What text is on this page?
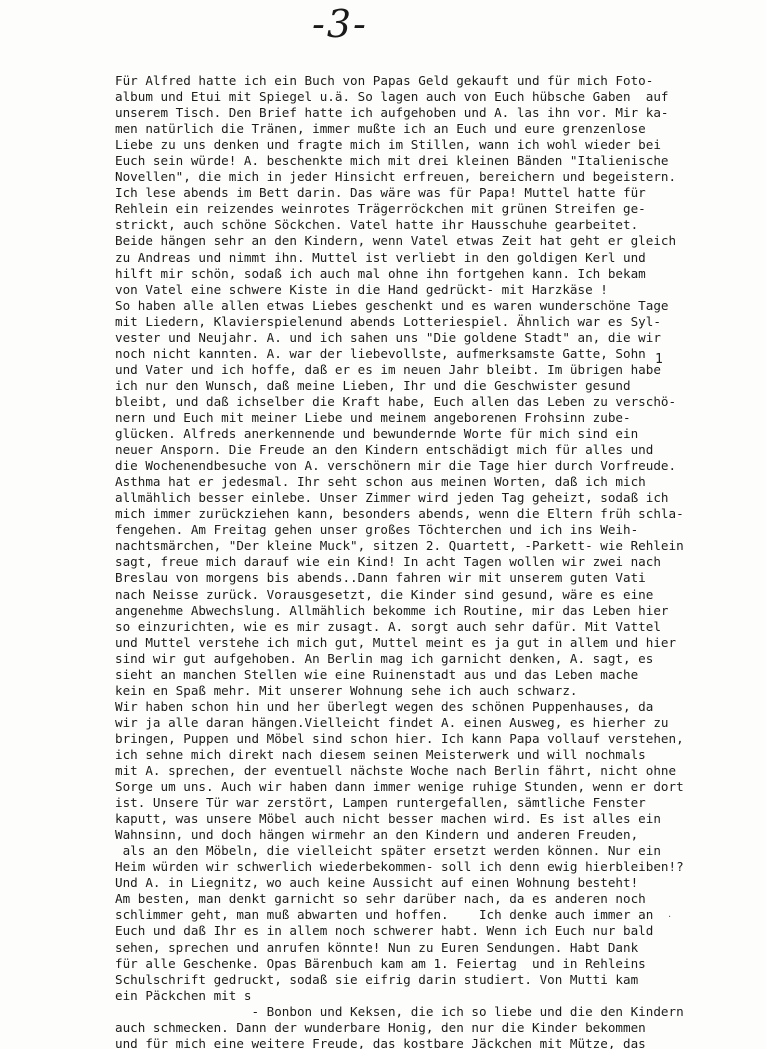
-3-
Für Alfred hatte ich ein Buch von Papas Geld gekauft und für mich Foto-
album und Etui mit Spiegel u.ä. So lagen auch von Euch hübsche Gaben  auf
unserem Tisch. Den Brief hatte ich aufgehoben und A. las ihn vor. Mir ka-
men natürlich die Tränen, immer mußte ich an Euch und eure grenzenlose
Liebe zu uns denken und fragte mich im Stillen, wann ich wohl wieder bei
Euch sein würde! A. beschenkte mich mit drei kleinen Bänden "Italienische
Novellen", die mich in jeder Hinsicht erfreuen, bereichern und begeistern.
Ich lese abends im Bett darin. Das wäre was für Papa! Muttel hatte für
Rehlein ein reizendes weinrotes Trägerröckchen mit grünen Streifen ge-
strickt, auch schöne Söckchen. Vatel hatte ihr Hausschuhe gearbeitet.
Beide hängen sehr an den Kindern, wenn Vatel etwas Zeit hat geht er gleich
zu Andreas und nimmt ihn. Muttel ist verliebt in den goldigen Kerl und
hilft mir schön, sodaß ich auch mal ohne ihn fortgehen kann. Ich bekam
von Vatel eine schwere Kiste in die Hand gedrückt- mit Harzkäse !
So haben alle allen etwas Liebes geschenkt und es waren wunderschöne Tage
mit Liedern, Klavierspielenund abends Lotteriespiel. Ähnlich war es Syl-
vester und Neujahr. A. und ich sahen uns "Die goldene Stadt" an, die wir
noch nicht kannten. A. war der liebevollste, aufmerksamste Gatte, Sohn
und Vater und ich hoffe, daß er es im neuen Jahr bleibt. Im übrigen habe
ich nur den Wunsch, daß meine Lieben, Ihr und die Geschwister gesund
bleibt, und daß ichselber die Kraft habe, Euch allen das Leben zu verschö-
nern und Euch mit meiner Liebe und meinem angeborenen Frohsinn zube-
glücken. Alfreds anerkennende und bewundernde Worte für mich sind ein
neuer Ansporn. Die Freude an den Kindern entschädigt mich für alles und
die Wochenendbesuche von A. verschönern mir die Tage hier durch Vorfreude.
Asthma hat er jedesmal. Ihr seht schon aus meinen Worten, daß ich mich
allmählich besser einlebe. Unser Zimmer wird jeden Tag geheizt, sodaß ich
mich immer zurückziehen kann, besonders abends, wenn die Eltern früh schla-
fengehen. Am Freitag gehen unser großes Töchterchen und ich ins Weih-
nachtsmärchen, "Der kleine Muck", sitzen 2. Quartett, -Parkett- wie Rehlein
sagt, freue mich darauf wie ein Kind! In acht Tagen wollen wir zwei nach
Breslau von morgens bis abends..Dann fahren wir mit unserem guten Vati
nach Neisse zurück. Vorausgesetzt, die Kinder sind gesund, wäre es eine
angenehme Abwechslung. Allmählich bekomme ich Routine, mir das Leben hier
so einzurichten, wie es mir zusagt. A. sorgt auch sehr dafür. Mit Vattel
und Muttel verstehe ich mich gut, Muttel meint es ja gut in allem und hier
sind wir gut aufgehoben. An Berlin mag ich garnicht denken, A. sagt, es
sieht an manchen Stellen wie eine Ruinenstadt aus und das Leben mache
kein en Spaß mehr. Mit unserer Wohnung sehe ich auch schwarz.
Wir haben schon hin und her überlegt wegen des schönen Puppenhauses, da
wir ja alle daran hängen.Vielleicht findet A. einen Ausweg, es hierher zu
bringen, Puppen und Möbel sind schon hier. Ich kann Papa vollauf verstehen,
ich sehne mich direkt nach diesem seinen Meisterwerk und will nochmals
mit A. sprechen, der eventuell nächste Woche nach Berlin fährt, nicht ohne
Sorge um uns. Auch wir haben dann immer wenige ruhige Stunden, wenn er dort
ist. Unsere Tür war zerstört, Lampen runtergefallen, sämtliche Fenster
kaputt, was unsere Möbel auch nicht besser machen wird. Es ist alles ein
Wahnsinn, und doch hängen wirmehr an den Kindern und anderen Freuden,
als an den Möbeln, die vielleicht später ersetzt werden können. Nur ein
Heim würden wir schwerlich wiederbekommen- soll ich denn ewig hierbleiben!?
Und A. in Liegnitz, wo auch keine Aussicht auf einen Wohnung besteht!
Am besten, man denkt garnicht so sehr darüber nach, da es anderen noch
schlimmer geht, man muß abwarten und hoffen.    Ich denke auch immer an
Euch und daß Ihr es in allem noch schwerer habt. Wenn ich Euch nur bald
sehen, sprechen und anrufen könnte! Nun zu Euren Sendungen. Habt Dank
für alle Geschenke. Opas Bärenbuch kam am 1. Feiertag  und in Rehleins
Schulschrift gedruckt, sodaß sie eifrig darin studiert. Von Mutti kam
ein Päckchen mit s
- Bonbon und Keksen, die ich so liebe und die den Kindern
auch schmecken. Dann der wunderbare Honig, den nur die Kinder bekommen
und für mich eine weitere Freude, das kostbare Jäckchen mit Mütze, das
1
·
